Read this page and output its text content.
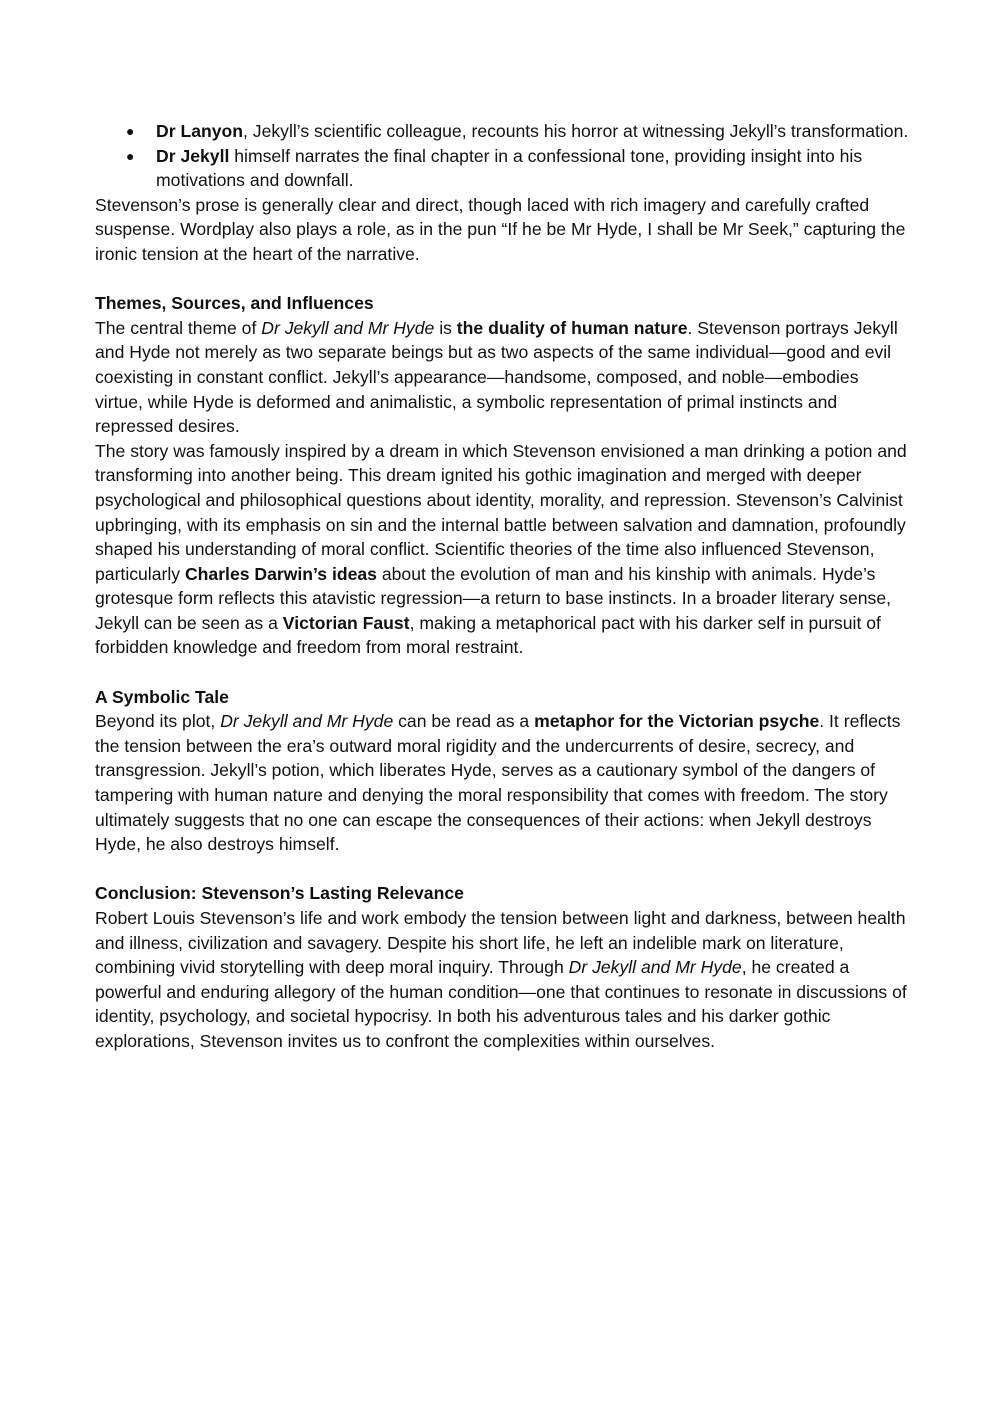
● Dr Lanyon, Jekyll’s scientific colleague, recounts his horror at witnessing Jekyll’s transformation.
● Dr Jekyll himself narrates the final chapter in a confessional tone, providing insight into his motivations and downfall.

Stevenson’s prose is generally clear and direct, though laced with rich imagery and carefully crafted suspense. Wordplay also plays a role, as in the pun “If he be Mr Hyde, I shall be Mr Seek,” capturing the ironic tension at the heart of the narrative.

Themes, Sources, and Influences

The central theme of Dr Jekyll and Mr Hyde is the duality of human nature. Stevenson portrays Jekyll and Hyde not merely as two separate beings but as two aspects of the same individual—good and evil coexisting in constant conflict. Jekyll’s appearance—handsome, composed, and noble—embodies virtue, while Hyde is deformed and animalistic, a symbolic representation of primal instincts and repressed desires.

The story was famously inspired by a dream in which Stevenson envisioned a man drinking a potion and transforming into another being. This dream ignited his gothic imagination and merged with deeper psychological and philosophical questions about identity, morality, and repression. Stevenson’s Calvinist upbringing, with its emphasis on sin and the internal battle between salvation and damnation, profoundly shaped his understanding of moral conflict. Scientific theories of the time also influenced Stevenson, particularly Charles Darwin’s ideas about the evolution of man and his kinship with animals. Hyde’s grotesque form reflects this atavistic regression—a return to base instincts. In a broader literary sense, Jekyll can be seen as a Victorian Faust, making a metaphorical pact with his darker self in pursuit of forbidden knowledge and freedom from moral restraint.

A Symbolic Tale

Beyond its plot, Dr Jekyll and Mr Hyde can be read as a metaphor for the Victorian psyche. It reflects the tension between the era’s outward moral rigidity and the undercurrents of desire, secrecy, and transgression. Jekyll’s potion, which liberates Hyde, serves as a cautionary symbol of the dangers of tampering with human nature and denying the moral responsibility that comes with freedom. The story ultimately suggests that no one can escape the consequences of their actions: when Jekyll destroys Hyde, he also destroys himself.

Conclusion: Stevenson’s Lasting Relevance

Robert Louis Stevenson’s life and work embody the tension between light and darkness, between health and illness, civilization and savagery. Despite his short life, he left an indelible mark on literature, combining vivid storytelling with deep moral inquiry. Through Dr Jekyll and Mr Hyde, he created a powerful and enduring allegory of the human condition—one that continues to resonate in discussions of identity, psychology, and societal hypocrisy. In both his adventurous tales and his darker gothic explorations, Stevenson invites us to confront the complexities within ourselves.
